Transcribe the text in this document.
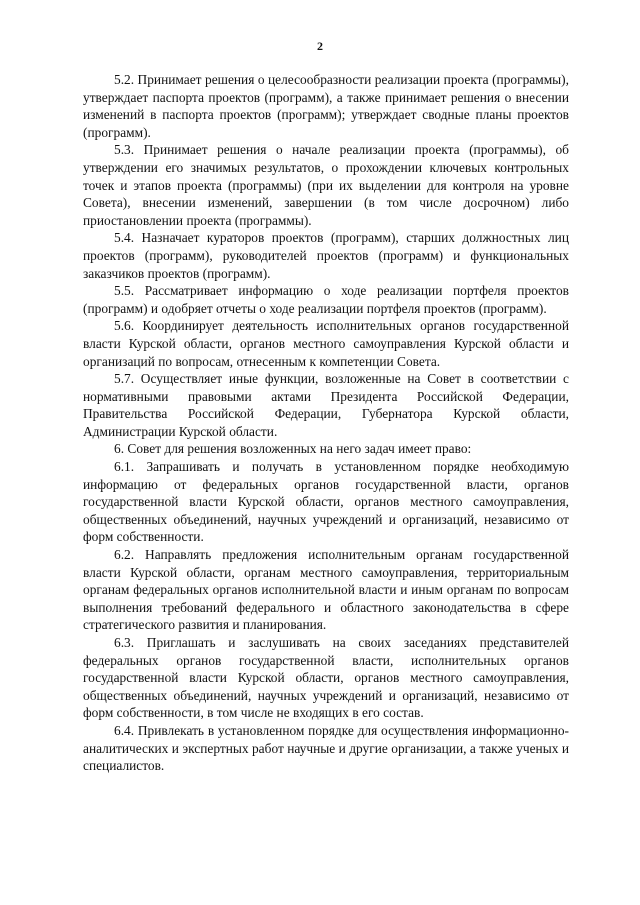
2

5.2. Принимает решения о целесообразности реализации проекта (программы), утверждает паспорта проектов (программ), а также принимает решения о внесении изменений в паспорта проектов (программ); утверждает сводные планы проектов (программ).

5.3. Принимает решения о начале реализации проекта (программы), об утверждении его значимых результатов, о прохождении ключевых контрольных точек и этапов проекта (программы) (при их выделении для контроля на уровне Совета), внесении изменений, завершении (в том числе досрочном) либо приостановлении проекта (программы).

5.4. Назначает кураторов проектов (программ), старших должностных лиц проектов (программ), руководителей проектов (программ) и функциональных заказчиков проектов (программ).

5.5. Рассматривает информацию о ходе реализации портфеля проектов (программ) и одобряет отчеты о ходе реализации портфеля проектов (программ).

5.6. Координирует деятельность исполнительных органов государственной власти Курской области, органов местного самоуправления Курской области и организаций по вопросам, отнесенным к компетенции Совета.

5.7. Осуществляет иные функции, возложенные на Совет в соответствии с нормативными правовыми актами Президента Российской Федерации, Правительства Российской Федерации, Губернатора Курской области, Администрации Курской области.

6. Совет для решения возложенных на него задач имеет право:

6.1. Запрашивать и получать в установленном порядке необходимую информацию от федеральных органов государственной власти, органов государственной власти Курской области, органов местного самоуправления, общественных объединений, научных учреждений и организаций, независимо от форм собственности.

6.2. Направлять предложения исполнительным органам государственной власти Курской области, органам местного самоуправления, территориальным органам федеральных органов исполнительной власти и иным органам по вопросам выполнения требований федерального и областного законодательства в сфере стратегического развития и планирования.

6.3. Приглашать и заслушивать на своих заседаниях представителей федеральных органов государственной власти, исполнительных органов государственной власти Курской области, органов местного самоуправления, общественных объединений, научных учреждений и организаций, независимо от форм собственности, в том числе не входящих в его состав.

6.4. Привлекать в установленном порядке для осуществления информационно-аналитических и экспертных работ научные и другие организации, а также ученых и специалистов.
